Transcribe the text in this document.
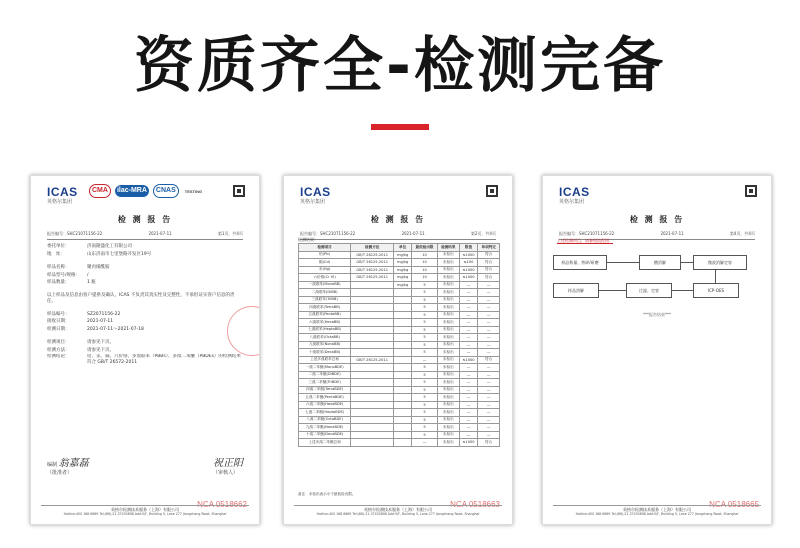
资质齐全-检测完备
ICAS
英格尔集团
CMA	ilac-MRA	CNAS	TESTING
检 测 报 告
报告编号：SHC21071156-22	2021-07-11	第1页，共4页
委托单位：	济南隆盛化工有限公司
地　址：	山东济南市七里堡路开发区19号
样品名称：	聚丙烯酰胺
样品型号/规格： /
样品数量：	1 瓶
以上样品及信息由客户提供及确认，ICAS 不负责其真实性及完整性，不承担证实客户信息的责任。
样品编号：	SZ2071156-22
接收日期：	2021-07-11
检测日期：	2021-07-11～2021-07-18
检测项目：	请参见下页。
检测方法：	请参见下页。
检测结论：	铅、汞、镉、六价铬、多溴联苯（PBBs）、多溴二苯醚（PBDEs）的检测结果符合 GB/T 26572-2011
编制 翁嘉磊
（批准者）
祝正阳
（审核人）
NCA 0518662
英格尔检测技术服务（上海）有限公司
Hotline:400 168 6669 Tel:(86)-21-37430898 Add:5/F, Building 5, Lane 277 Jiangchang Road, Shanghai
ICAS
英格尔集团
检 测 报 告
报告编号：SHC21071156-22	2021-07-11	第2页，共4页
检测结果：
检测项目	检测方法	单位	最低检出限	检测结果	限值	单项判定
铅(Pb)	GB/T 26125-2011	mg/kg	10	未检出	≤1000	符合
镉(Cd)	GB/T 26125-2011	mg/kg	10	未检出	≤100	符合
汞(Hg)	GB/T 26125-2011	mg/kg	10	未检出	≤1000	符合
六价铬(Cr VI)	GB/T 26125-2011	mg/kg	10	未检出	≤1000	符合
一溴联苯(MonoBB)		mg/kg	5	未检出	—	—
二溴联苯(DiBB)			5	未检出	—	—
三溴联苯(TriBB)			5	未检出	—	—
四溴联苯(TetraBB)			5	未检出	—	—
五溴联苯(PentaBB)			5	未检出	—	—
六溴联苯(HexaBB)			5	未检出	—	—
七溴联苯(HeptaBB)			5	未检出	—	—
八溴联苯(OctaBB)			5	未检出	—	—
九溴联苯(NonaBB)			5	未检出	—	—
十溴联苯(DecaBB)			5	未检出	—	—
上述多溴联苯总和	GB/T 26125-2011		—	未检出	≤1000	符合
一溴二苯醚(MonoBDE)			5	未检出	—	—
二溴二苯醚(DiBDE)			5	未检出	—	—
三溴二苯醚(TriBDE)			5	未检出	—	—
四溴二苯醚(TetraBDE)			5	未检出	—	—
五溴二苯醚(PentaBDE)			5	未检出	—	—
六溴二苯醚(HexaBDE)			5	未检出	—	—
七溴二苯醚(HeptaBDE)			5	未检出	—	—
八溴二苯醚(OctaBDE)			5	未检出	—	—
九溴二苯醚(NonaBDE)			5	未检出	—	—
十溴二苯醚(DecaBDE)			5	未检出	—	—
上述多溴二苯醚总和			—	未检出	≤1000	符合
备注：未检出表示小于最低检出限。
NCA 0518663
英格尔检测技术服务（上海）有限公司
Hotline:400 168 6669 Tel:(86)-21-37430898 Add:5/F, Building 5, Lane 277 Jiangchang Road, Shanghai
ICAS
英格尔集团
检 测 报 告
报告编号：SHC21071156-22	2021-07-11	第4页，共4页
上述检测项目，请参照流程图：
样品称量、剪碎/研磨	酸消解	微波消解定容
ICP-OES
过滤、定容
样品溶解
***报告结束***
NCA 0518665
英格尔检测技术服务（上海）有限公司
Hotline:400 168 6669 Tel:(86)-21-37430898 Add:5/F, Building 5, Lane 277 Jiangchang Road, Shanghai
